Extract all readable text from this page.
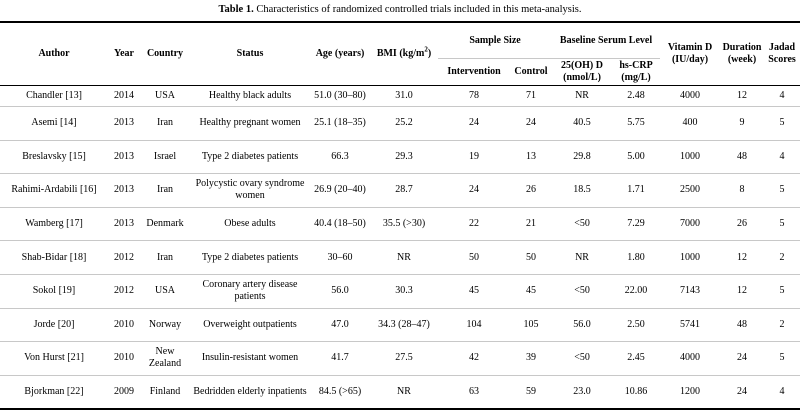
Table 1. Characteristics of randomized controlled trials included in this meta-analysis.
Author	Year	Country	Status	Age (years)	BMI $(kg/m^2)$	Sample Size		Baseline Serum Level		Vitamin D (IU/day)	Duration (week)	Jadad Scores
						Intervention	Control	25(OH) D (nmol/L)	hs-CRP (mg/L)			
Chandler [13]	2014	USA	Healthy black adults	51.0 (30–80)	31.0	78	71	NR	2.48	4000	12	4
Asemi [14]	2013	Iran	Healthy pregnant women	25.1 (18–35)	25.2	24	24	40.5	5.75	400	9	5
Breslavsky [15]	2013	Israel	Type 2 diabetes patients	66.3	29.3	19	13	29.8	5.00	1000	48	4
Rahimi-Ardabili [16]	2013	Iran	Polycystic ovary syndrome women	26.9 (20–40)	28.7	24	26	18.5	1.71	2500	8	5
Wamberg [17]	2013	Denmark	Obese adults	40.4 (18–50)	35.5 (>30)	22	21	<50	7.29	7000	26	5
Shab-Bidar [18]	2012	Iran	Type 2 diabetes patients	30–60	NR	50	50	NR	1.80	1000	12	2
Sokol [19]	2012	USA	Coronary artery disease patients	56.0	30.3	45	45	<50	22.00	7143	12	5
Jorde [20]	2010	Norway	Overweight outpatients	47.0	34.3 (28–47)	104	105	56.0	2.50	5741	48	2
Von Hurst [21]	2010	New Zealand	Insulin-resistant women	41.7	27.5	42	39	<50	2.45	4000	24	5
Bjorkman [22]	2009	Finland	Bedridden elderly inpatients	84.5 (>65)	NR	63	59	23.0	10.86	1200	24	4
